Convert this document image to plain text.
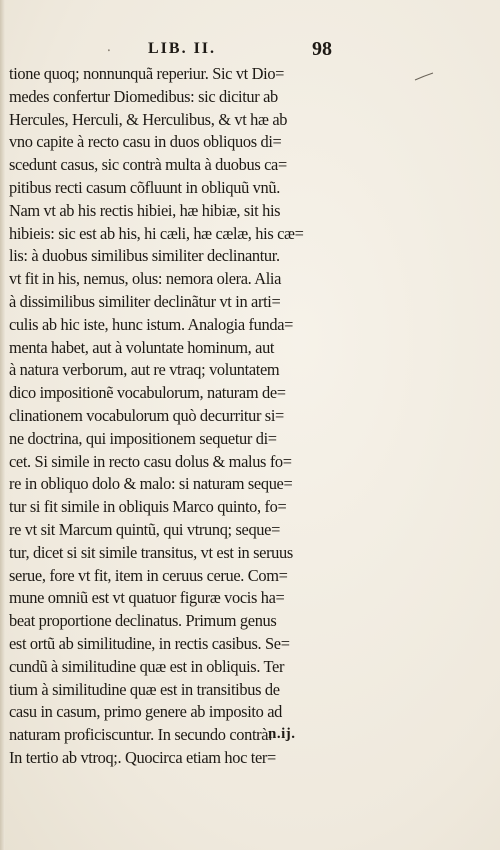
⸱ LIB. II.	98
tione quoq; nonnunquã reperiur. Sic vt Dio=
medes confertur Diomedibus: sic dicitur ab
Hercules, Herculi, & Herculibus, & vt hæ ab
vno capite à recto casu in duos obliquos di=
scedunt casus, sic contrà multa à duobus ca=
pitibus recti casum cõfluunt in obliquũ vnũ.
Nam vt ab his rectis hibiei, hæ hibiæ, sit his
hibieis: sic est ab his, hi cæli, hæ cælæ, his cæ=
lis: à duobus similibus similiter declinantur.
vt fit in his, nemus, olus: nemora olera. Alia
à dissimilibus similiter declinãtur vt in arti=
culis ab hic iste, hunc istum. Analogia funda=
menta habet, aut à voluntate hominum, aut
à natura verborum, aut re vtraq; voluntatem
dico impositionẽ vocabulorum, naturam de=
clinationem vocabulorum quò decurritur si=
ne doctrina, qui impositionem sequetur di=
cet. Si simile in recto casu dolus & malus fo=
re in obliquo dolo & malo: si naturam seque=
tur si fit simile in obliquis Marco quinto, fo=
re vt sit Marcum quintũ, qui vtrunq; seque=
tur, dicet si sit simile transitus, vt est in seruus
serue, fore vt fit, item in ceruus cerue. Com=
mune omniũ est vt quatuor figuræ vocis ha=
beat proportione declinatus. Primum genus
est ortũ ab similitudine, in rectis casibus. Se=
cundũ à similitudine quæ est in obliquis. Ter
tium à similitudine quæ est in transitibus de
casu in casum, primo genere ab imposito ad
naturam proficiscuntur. In secundo contrà.
In tertio ab vtroq;. Quocirca etiam hoc ter=
n.ij.
